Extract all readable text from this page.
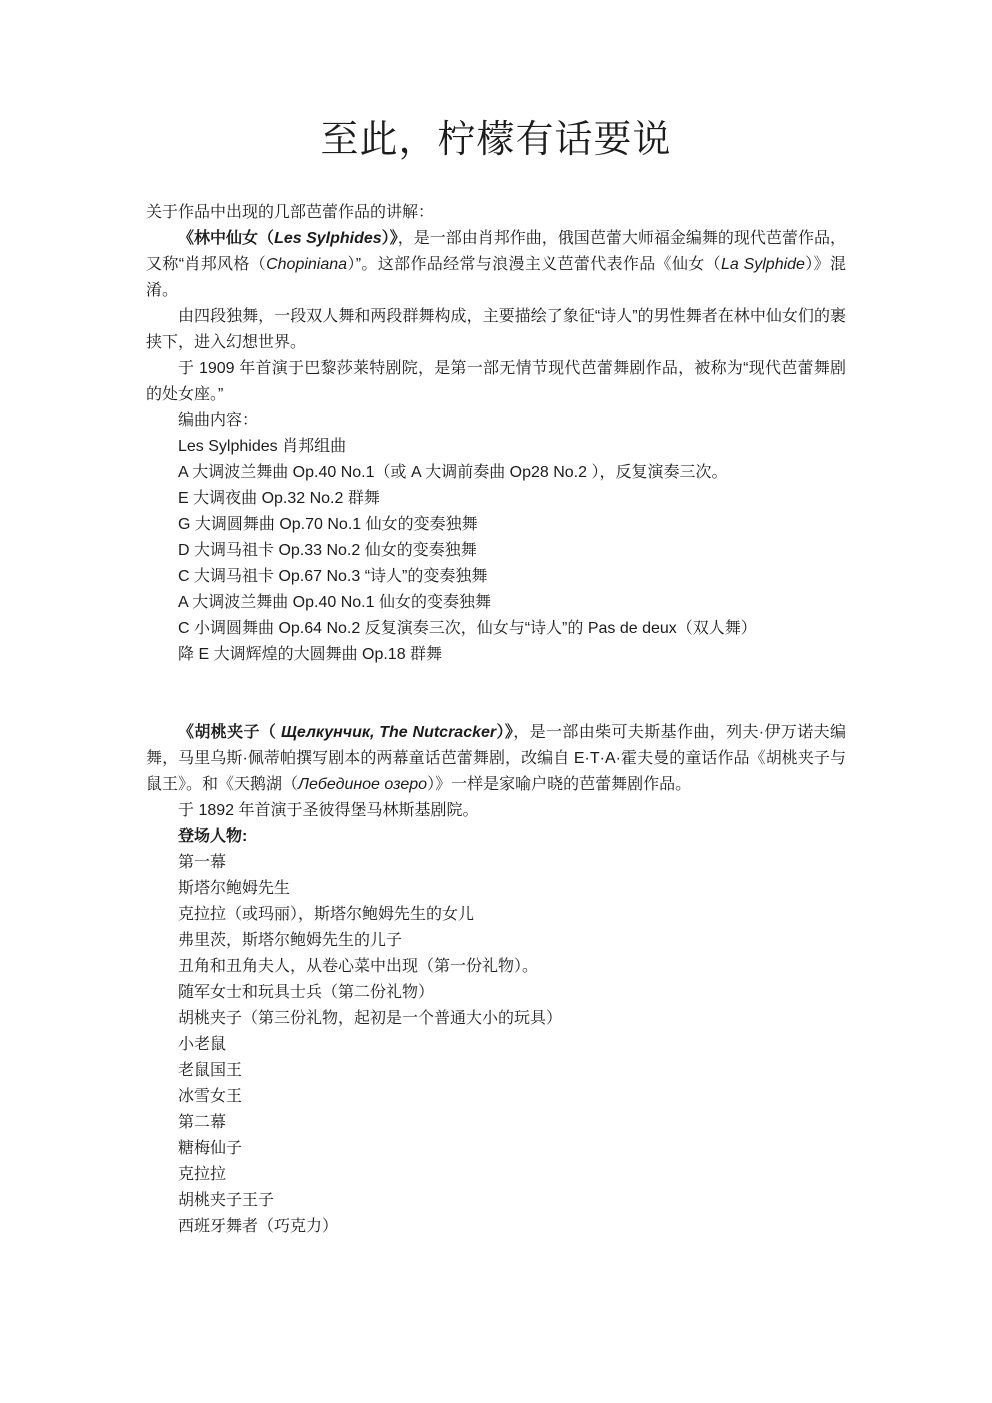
至此，柠檬有话要说

关于作品中出现的几部芭蕾作品的讲解：

《林中仙女（Les Sylphides）》，是一部由肖邦作曲，俄国芭蕾大师福金编舞的现代芭蕾作品，又称“肖邦风格（Chopiniana）”。这部作品经常与浪漫主义芭蕾代表作品《仙女（La Sylphide）》混淆。

由四段独舞，一段双人舞和两段群舞构成，主要描绘了象征“诗人”的男性舞者在林中仙女们的裹挟下，进入幻想世界。

于 1909 年首演于巴黎莎莱特剧院，是第一部无情节现代芭蕾舞剧作品，被称为“现代芭蕾舞剧的处女座。”

编曲内容：

Les Sylphides 肖邦组曲

A 大调波兰舞曲 Op.40 No.1（或 A 大调前奏曲 Op28 No.2 ），反复演奏三次。

E 大调夜曲 Op.32 No.2 群舞

G 大调圆舞曲 Op.70 No.1 仙女的变奏独舞

D 大调马祖卡 Op.33 No.2 仙女的变奏独舞

C 大调马祖卡 Op.67 No.3 “诗人”的变奏独舞

A 大调波兰舞曲 Op.40 No.1 仙女的变奏独舞

C 小调圆舞曲 Op.64 No.2 反复演奏三次，仙女与“诗人”的 Pas de deux（双人舞）

降 E 大调辉煌的大圆舞曲 Op.18 群舞

《胡桃夹子（ Щелкунчик, The Nutcracker）》，是一部由柴可夫斯基作曲，列夫·伊万诺夫编舞，马里乌斯·佩蒂帕撰写剧本的两幕童话芭蕾舞剧，改编自 E·T·A·霍夫曼的童话作品《胡桃夹子与鼠王》。和《天鹅湖（Лебединое озеро）》一样是家喻户晓的芭蕾舞剧作品。

于 1892 年首演于圣彼得堡马林斯基剧院。

登场人物:

第一幕

斯塔尔鲍姆先生

克拉拉（或玛丽），斯塔尔鲍姆先生的女儿

弗里茨，斯塔尔鲍姆先生的儿子

丑角和丑角夫人，从卷心菜中出现（第一份礼物）。

随军女士和玩具士兵（第二份礼物）

胡桃夹子（第三份礼物，起初是一个普通大小的玩具）

小老鼠

老鼠国王

冰雪女王

第二幕

糖梅仙子

克拉拉

胡桃夹子王子

西班牙舞者（巧克力）
